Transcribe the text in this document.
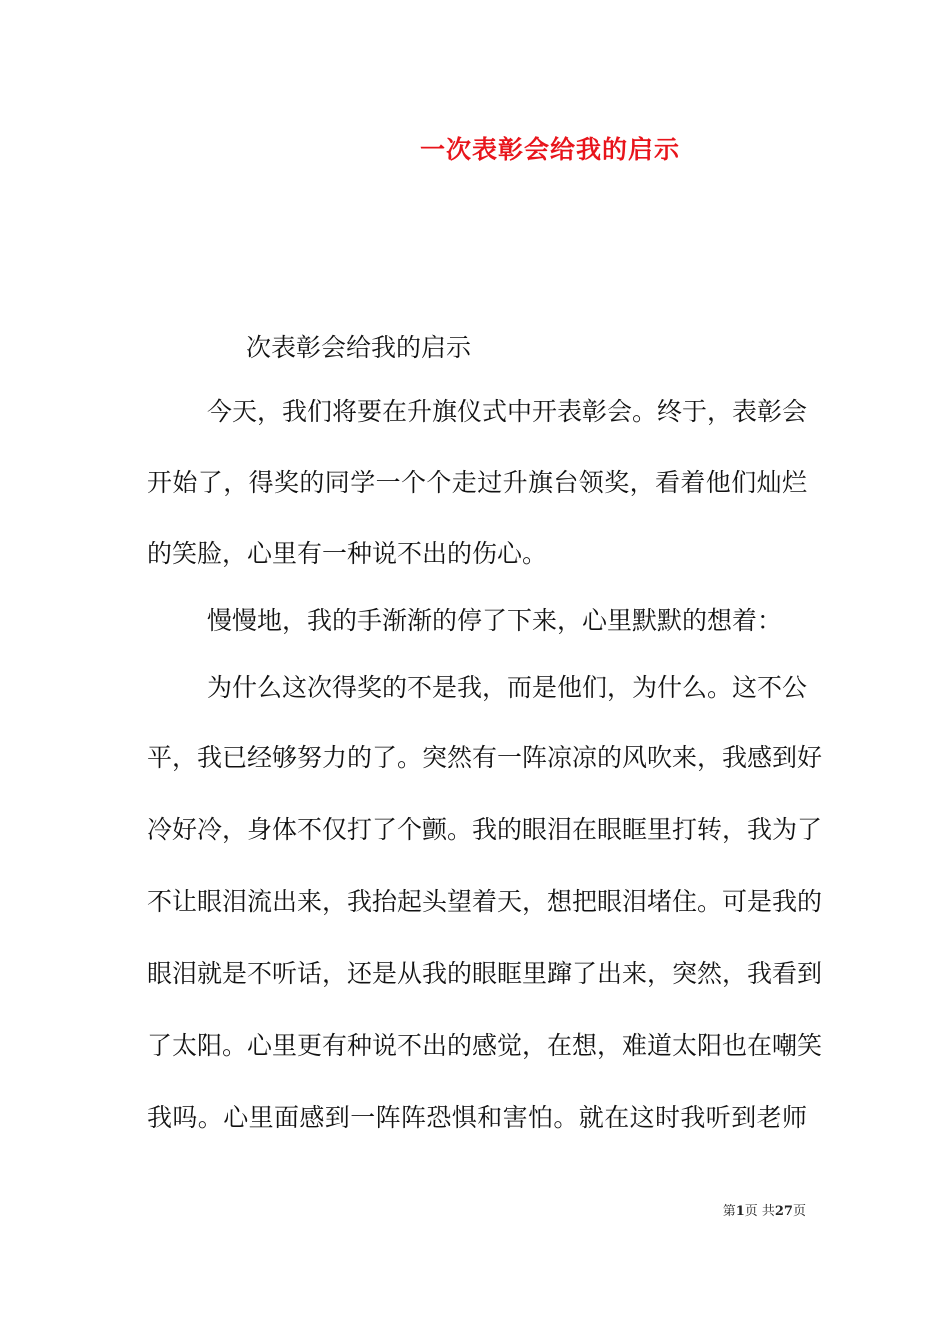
一次表彰会给我的启示

次表彰会给我的启示

今天，我们将要在升旗仪式中开表彰会。终于，表彰会

开始了，得奖的同学一个个走过升旗台领奖，看着他们灿烂

的笑脸，心里有一种说不出的伤心。

慢慢地，我的手渐渐的停了下来，心里默默的想着：

为什么这次得奖的不是我，而是他们，为什么。这不公

平，我已经够努力的了。突然有一阵凉凉的风吹来，我感到好

冷好冷，身体不仅打了个颤。我的眼泪在眼眶里打转，我为了

不让眼泪流出来，我抬起头望着天，想把眼泪堵住。可是我的

眼泪就是不听话，还是从我的眼眶里蹿了出来，突然，我看到

了太阳。心里更有种说不出的感觉，在想，难道太阳也在嘲笑

我吗。心里面感到一阵阵恐惧和害怕。就在这时我听到老师

第1页 共27页
